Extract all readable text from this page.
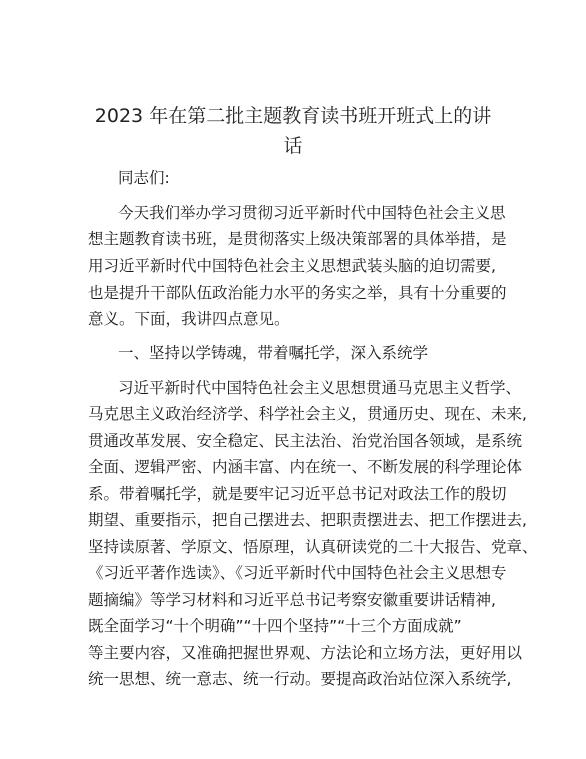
2023 年在第二批主题教育读书班开班式上的讲
话
同志们:
今天我们举办学习贯彻习近平新时代中国特色社会主义思
想主题教育读书班，是贯彻落实上级决策部署的具体举措，是
用习近平新时代中国特色社会主义思想武装头脑的迫切需要,
也是提升干部队伍政治能力水平的务实之举，具有十分重要的
意义。下面，我讲四点意见。
一、坚持以学铸魂，带着嘱托学，深入系统学
习近平新时代中国特色社会主义思想贯通马克思主义哲学、
马克思主义政治经济学、科学社会主义，贯通历史、现在、未来,
贯通改革发展、安全稳定、民主法治、治党治国各领域，是系统
全面、逻辑严密、内涵丰富、内在统一、不断发展的科学理论体
系。带着嘱托学，就是要牢记习近平总书记对政法工作的殷切
期望、重要指示，把自己摆进去、把职责摆进去、把工作摆进去,
坚持读原著、学原文、悟原理，认真研读党的二十大报告、党章、
《习近平著作选读》、《习近平新时代中国特色社会主义思想专
题摘编》等学习材料和习近平总书记考察安徽重要讲话精神,
既全面学习“十个明确”“十四个坚持”“十三个方面成就”
等主要内容，又准确把握世界观、方法论和立场方法，更好用以
统一思想、统一意志、统一行动。要提高政治站位深入系统学,
